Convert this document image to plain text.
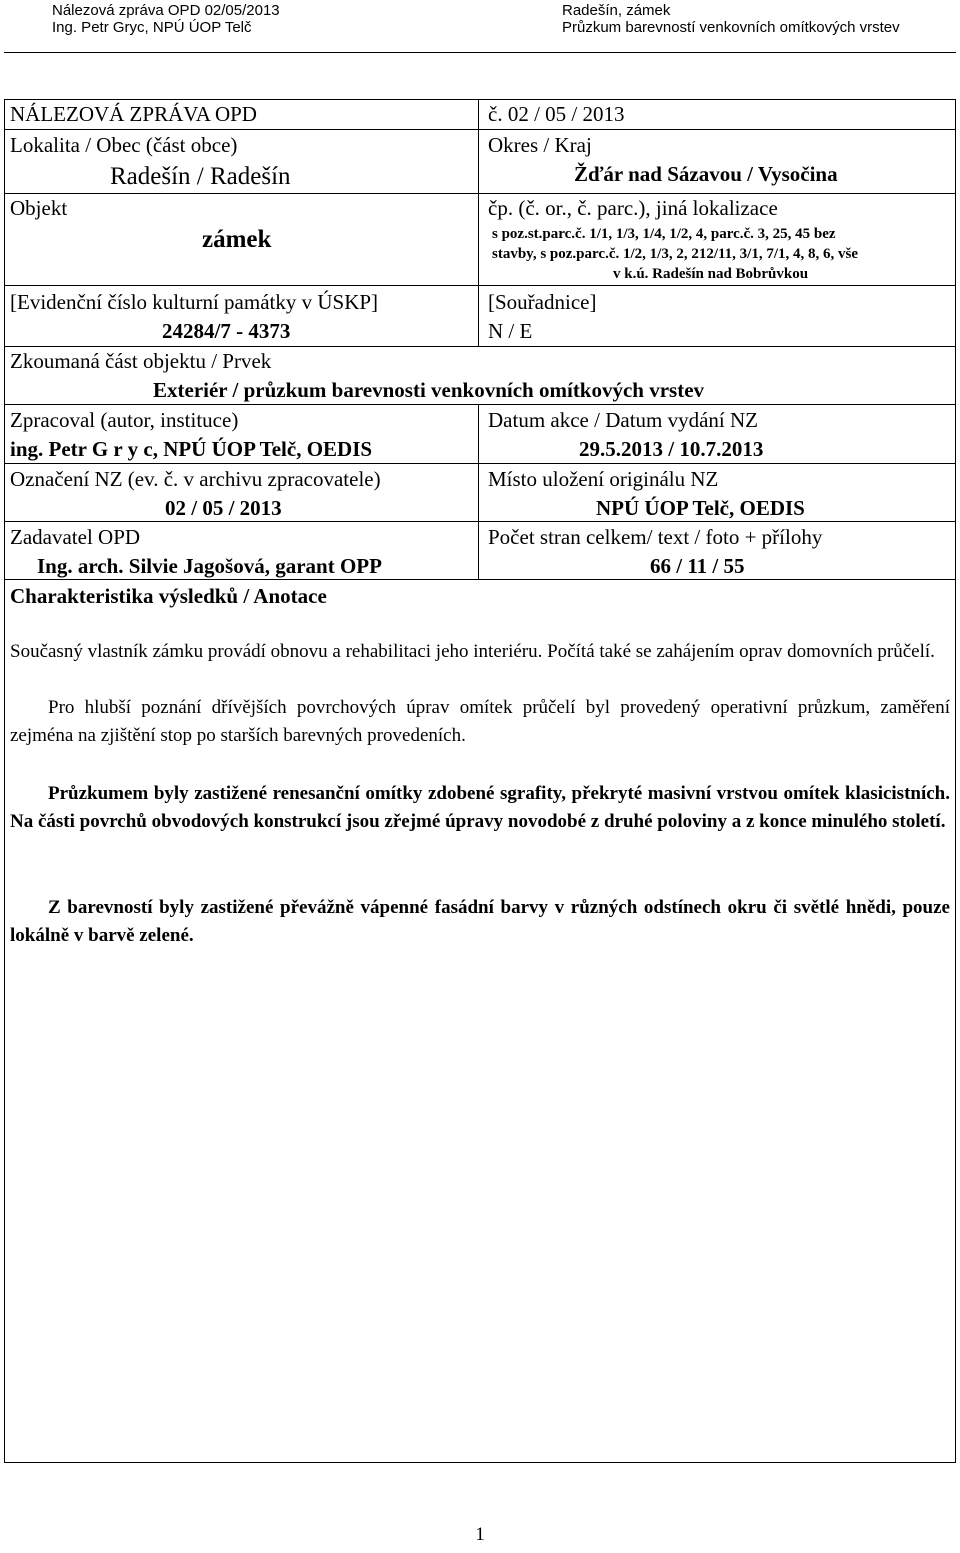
Nálezová zpráva OPD 02/05/2013
Ing. Petr Gryc, NPÚ ÚOP Telč
Radešín, zámek
Průzkum barevností venkovních omítkových vrstev
NÁLEZOVÁ ZPRÁVA OPD	č. 02 / 05 / 2013
Lokalita / Obec (část obce)
Radešín / Radešín
Okres / Kraj
Žďár nad Sázavou / Vysočina
Objekt
zámek
čp. (č. or., č. parc.), jiná lokalizace
s poz.st.parc.č. 1/1, 1/3, 1/4, 1/2, 4, parc.č. 3, 25, 45 bez
stavby, s poz.parc.č. 1/2, 1/3, 2, 212/11, 3/1, 7/1, 4, 8, 6, vše
v k.ú. Radešín nad Bobrůvkou
[Evidenční číslo kulturní památky v ÚSKP]
24284/7 - 4373
[Souřadnice]
N / E
Zkoumaná část objektu / Prvek
Exteriér / průzkum barevnosti venkovních omítkových vrstev
Zpracoval (autor, instituce)
ing. Petr G r y c, NPÚ ÚOP Telč, OEDIS
Datum akce / Datum vydání NZ
29.5.2013 / 10.7.2013
Označení NZ (ev. č. v archivu zpracovatele)
02 / 05 / 2013
Místo uložení originálu NZ
NPÚ ÚOP Telč, OEDIS
Zadavatel OPD
Ing. arch. Silvie Jagošová, garant OPP
Počet stran celkem/ text / foto + přílohy
66 / 11 / 55
Charakteristika výsledků / Anotace
Současný vlastník zámku provádí obnovu a rehabilitaci jeho interiéru. Počítá také se zahájením oprav domovních průčelí.
Pro hlubší poznání dřívějších povrchových úprav omítek průčelí byl provedený operativní průzkum, zaměření zejména na zjištění stop po starších barevných provedeních.
Průzkumem byly zastižené renesanční omítky zdobené sgrafity, překryté masivní vrstvou omítek klasicistních. Na části povrchů obvodových konstrukcí jsou zřejmé úpravy novodobé z druhé poloviny a z konce minulého století.
Z barevností byly zastižené převážně vápenné fasádní barvy v různých odstínech okru či světlé hnědi, pouze lokálně v barvě zelené.
1
